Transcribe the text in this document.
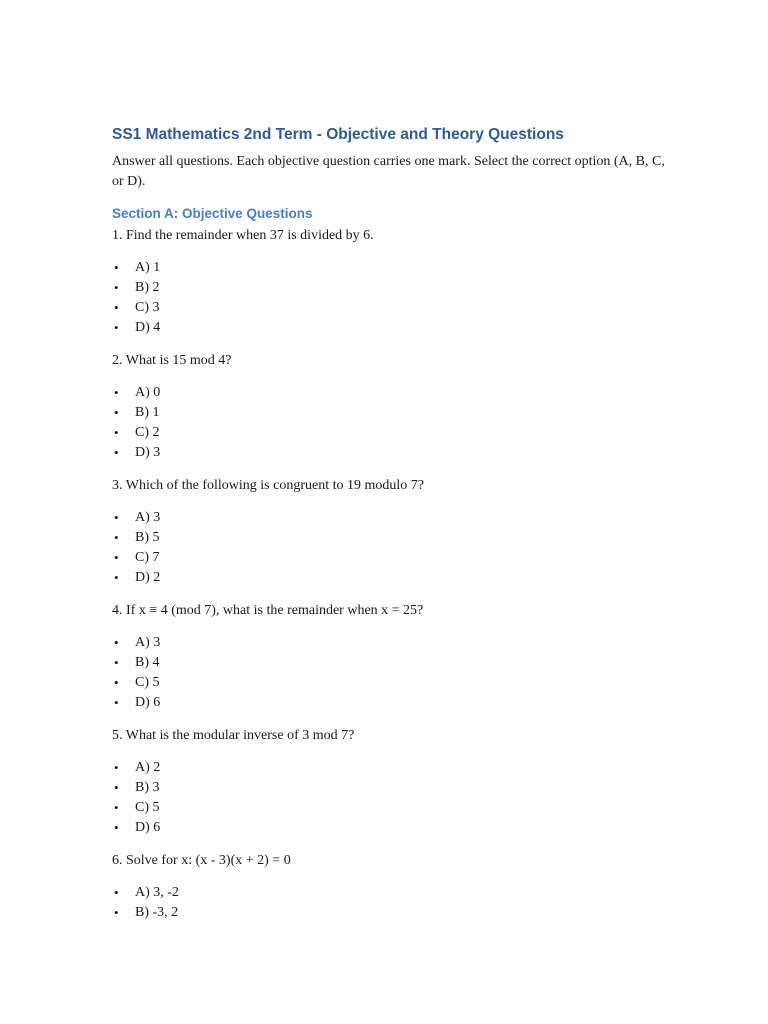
SS1 Mathematics 2nd Term - Objective and Theory Questions

Answer all questions. Each objective question carries one mark. Select the correct option (A, B, C, or D).

Section A: Objective Questions

1. Find the remainder when 37 is divided by 6.

• A) 1
• B) 2
• C) 3
• D) 4

2. What is 15 mod 4?

• A) 0
• B) 1
• C) 2
• D) 3

3. Which of the following is congruent to 19 modulo 7?

• A) 3
• B) 5
• C) 7
• D) 2

4. If x ≡ 4 (mod 7), what is the remainder when x = 25?

• A) 3
• B) 4
• C) 5
• D) 6

5. What is the modular inverse of 3 mod 7?

• A) 2
• B) 3
• C) 5
• D) 6

6. Solve for x: (x - 3)(x + 2) = 0

• A) 3, -2
• B) -3, 2
